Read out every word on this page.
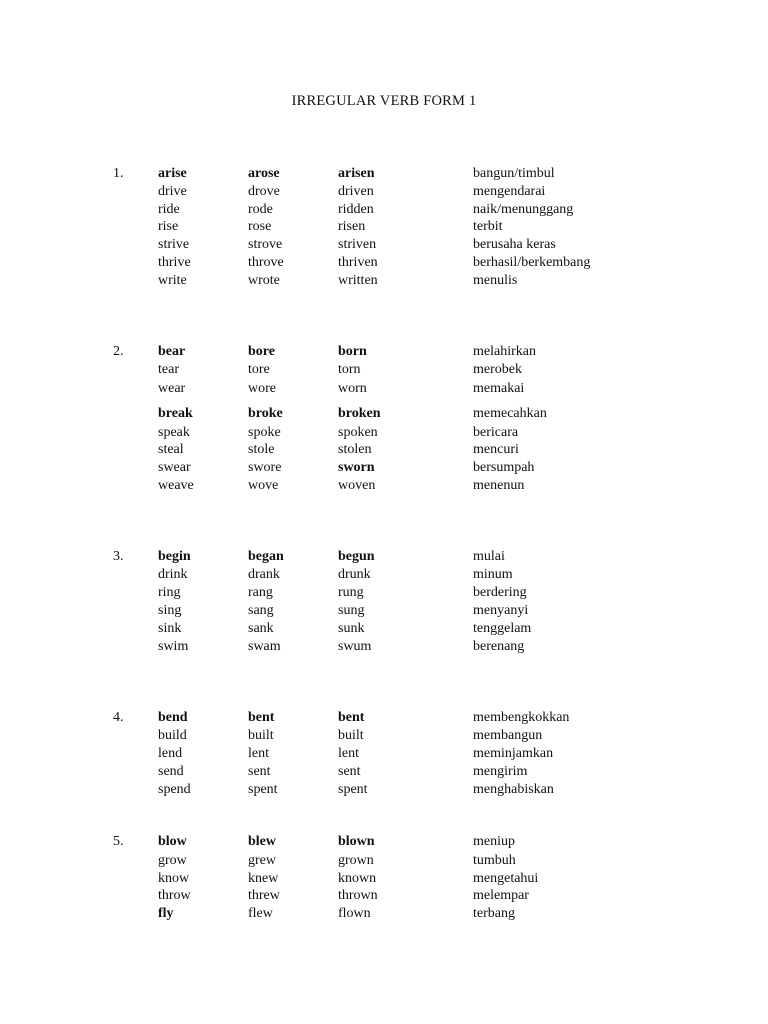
IRREGULAR VERB FORM 1
1. arise	arose	arisen	bangun/timbul
drive	drove	driven	mengendarai
ride	rode	ridden	naik/menunggang
rise	rose	risen	terbit
strive	strove	striven	berusaha keras
thrive	throve	thriven	berhasil/berkembang
write	wrote	written	menulis
2. bear	bore	born	melahirkan
tear	tore	torn	merobek
wear	wore	worn	memakai
break	broke	broken	memecahkan
speak	spoke	spoken	bericara
steal	stole	stolen	mencuri
swear	swore	sworn	bersumpah
weave	wove	woven	menenun
3. begin	began	begun	mulai
drink	drank	drunk	minum
ring	rang	rung	berdering
sing	sang	sung	menyanyi
sink	sank	sunk	tenggelam
swim	swam	swum	berenang
4. bend	bent	bent	membengkokkan
build	built	built	membangun
lend	lent	lent	meminjamkan
send	sent	sent	mengirim
spend	spent	spent	menghabiskan
5. blow	blew	blown	meniup
grow	grew	grown	tumbuh
know	knew	known	mengetahui
throw	threw	thrown	melempar
fly	flew	flown	terbang
